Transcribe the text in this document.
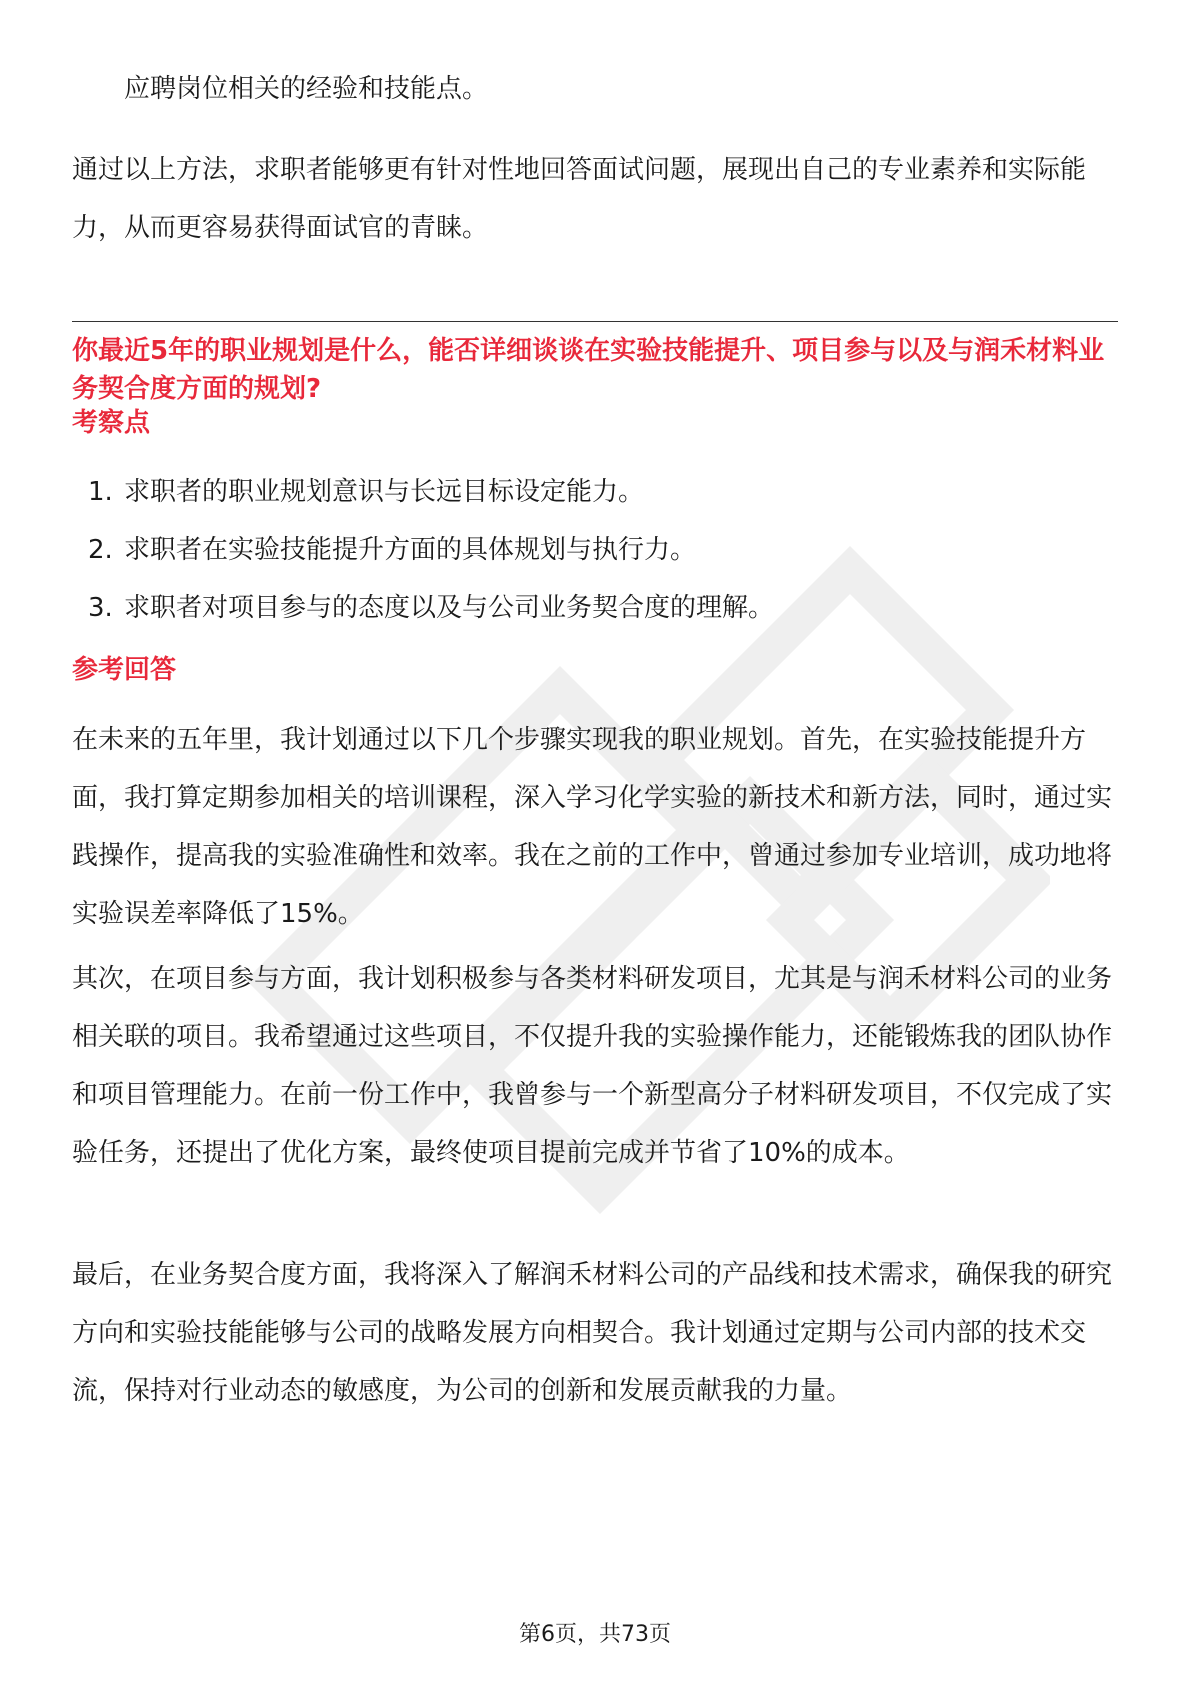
应聘岗位相关的经验和技能点。

通过以上方法，求职者能够更有针对性地回答面试问题，展现出自己的专业素养和实际能力，从而更容易获得面试官的青睐。

你最近5年的职业规划是什么，能否详细谈谈在实验技能提升、项目参与以及与润禾材料业务契合度方面的规划?
考察点
1. 求职者的职业规划意识与长远目标设定能力。
2. 求职者在实验技能提升方面的具体规划与执行力。
3. 求职者对项目参与的态度以及与公司业务契合度的理解。
参考回答

在未来的五年里，我计划通过以下几个步骤实现我的职业规划。首先，在实验技能提升方面，我打算定期参加相关的培训课程，深入学习化学实验的新技术和新方法，同时，通过实践操作，提高我的实验准确性和效率。我在之前的工作中，曾通过参加专业培训，成功地将实验误差率降低了15%。

其次，在项目参与方面，我计划积极参与各类材料研发项目，尤其是与润禾材料公司的业务相关联的项目。我希望通过这些项目，不仅提升我的实验操作能力，还能锻炼我的团队协作和项目管理能力。在前一份工作中，我曾参与一个新型高分子材料研发项目，不仅完成了实验任务，还提出了优化方案，最终使项目提前完成并节省了10%的成本。

最后，在业务契合度方面，我将深入了解润禾材料公司的产品线和技术需求，确保我的研究方向和实验技能能够与公司的战略发展方向相契合。我计划通过定期与公司内部的技术交流，保持对行业动态的敏感度，为公司的创新和发展贡献我的力量。

第6页，共73页
